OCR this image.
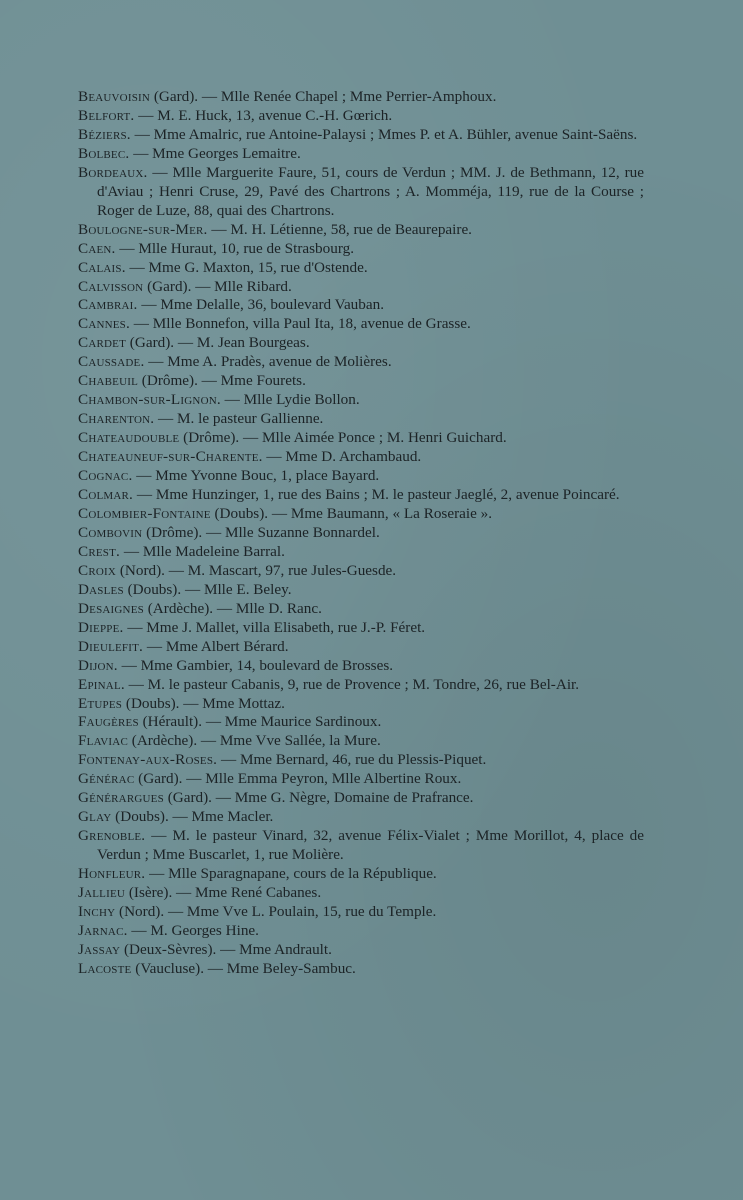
Beauvoisin (Gard). — Mlle Renée Chapel ; Mme Perrier-Amphoux.
Belfort. — M. E. Huck, 13, avenue C.-H. Gœrich.
Béziers. — Mme Amalric, rue Antoine-Palaysi ; Mmes P. et A. Bühler, avenue Saint-Saëns.
Bolbec. — Mme Georges Lemaitre.
Bordeaux. — Mlle Marguerite Faure, 51, cours de Verdun ; MM. J. de Bethmann, 12, rue d'Aviau ; Henri Cruse, 29, Pavé des Chartrons ; A. Momméja, 119, rue de la Course ; Roger de Luze, 88, quai des Chartrons.
Boulogne-sur-Mer. — M. H. Létienne, 58, rue de Beaurepaire.
Caen. — Mlle Huraut, 10, rue de Strasbourg.
Calais. — Mme G. Maxton, 15, rue d'Ostende.
Calvisson (Gard). — Mlle Ribard.
Cambrai. — Mme Delalle, 36, boulevard Vauban.
Cannes. — Mlle Bonnefon, villa Paul Ita, 18, avenue de Grasse.
Cardet (Gard). — M. Jean Bourgeas.
Caussade. — Mme A. Pradès, avenue de Molières.
Chabeuil (Drôme). — Mme Fourets.
Chambon-sur-Lignon. — Mlle Lydie Bollon.
Charenton. — M. le pasteur Gallienne.
Chateaudouble (Drôme). — Mlle Aimée Ponce ; M. Henri Guichard.
Chateauneuf-sur-Charente. — Mme D. Archambaud.
Cognac. — Mme Yvonne Bouc, 1, place Bayard.
Colmar. — Mme Hunzinger, 1, rue des Bains ; M. le pasteur Jaeglé, 2, avenue Poincaré.
Colombier-Fontaine (Doubs). — Mme Baumann, « La Roseraie ».
Combovin (Drôme). — Mlle Suzanne Bonnardel.
Crest. — Mlle Madeleine Barral.
Croix (Nord). — M. Mascart, 97, rue Jules-Guesde.
Dasles (Doubs). — Mlle E. Beley.
Desaignes (Ardèche). — Mlle D. Ranc.
Dieppe. — Mme J. Mallet, villa Elisabeth, rue J.-P. Féret.
Dieulefit. — Mme Albert Bérard.
Dijon. — Mme Gambier, 14, boulevard de Brosses.
Epinal. — M. le pasteur Cabanis, 9, rue de Provence ; M. Tondre, 26, rue Bel-Air.
Etupes (Doubs). — Mme Mottaz.
Faugères (Hérault). — Mme Maurice Sardinoux.
Flaviac (Ardèche). — Mme Vve Sallée, la Mure.
Fontenay-aux-Roses. — Mme Bernard, 46, rue du Plessis-Piquet.
Générac (Gard). — Mlle Emma Peyron, Mlle Albertine Roux.
Générargues (Gard). — Mme G. Nègre, Domaine de Prafrance.
Glay (Doubs). — Mme Macler.
Grenoble. — M. le pasteur Vinard, 32, avenue Félix-Vialet ; Mme Morillot, 4, place de Verdun ; Mme Buscarlet, 1, rue Molière.
Honfleur. — Mlle Sparagnapane, cours de la République.
Jallieu (Isère). — Mme René Cabanes.
Inchy (Nord). — Mme Vve L. Poulain, 15, rue du Temple.
Jarnac. — M. Georges Hine.
Jassay (Deux-Sèvres). — Mme Andrault.
Lacoste (Vaucluse). — Mme Beley-Sambuc.
